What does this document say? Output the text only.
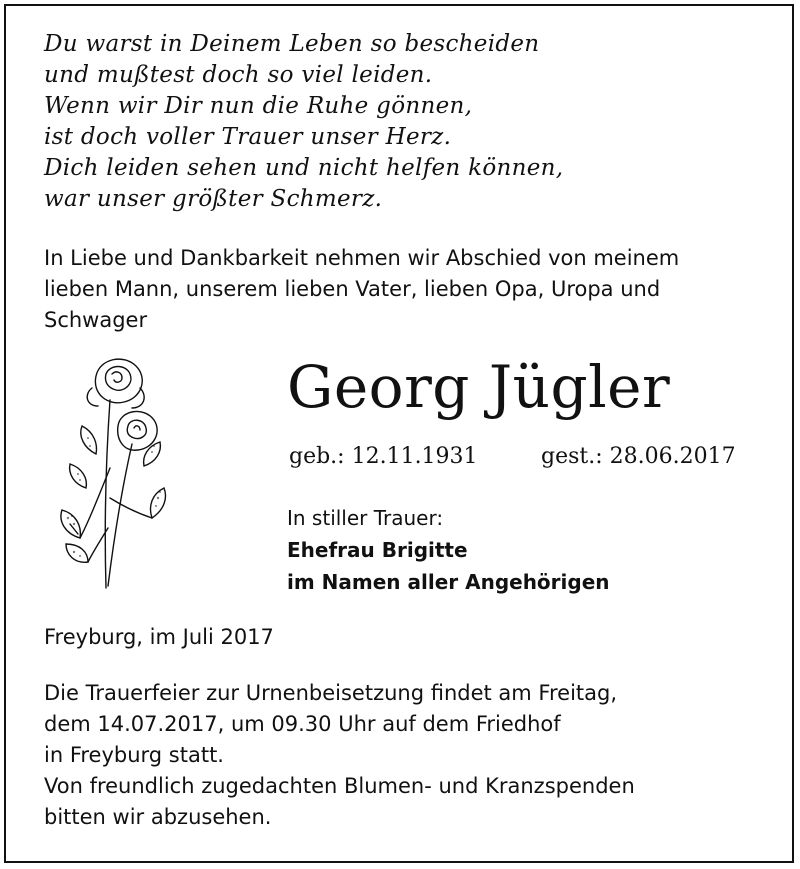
Du warst in Deinem Leben so bescheiden
und mußtest doch so viel leiden.
Wenn wir Dir nun die Ruhe gönnen,
ist doch voller Trauer unser Herz.
Dich leiden sehen und nicht helfen können,
war unser größter Schmerz.
In Liebe und Dankbarkeit nehmen wir Abschied von meinem
lieben Mann, unserem lieben Vater, lieben Opa, Uropa und
Schwager
Georg Jügler
geb.: 12.11.1931	gest.: 28.06.2017
In stiller Trauer:
Ehefrau Brigitte
im Namen aller Angehörigen
Freyburg, im Juli 2017
Die Trauerfeier zur Urnenbeisetzung findet am Freitag,
dem 14.07.2017, um 09.30 Uhr auf dem Friedhof
in Freyburg statt.
Von freundlich zugedachten Blumen- und Kranzspenden
bitten wir abzusehen.
